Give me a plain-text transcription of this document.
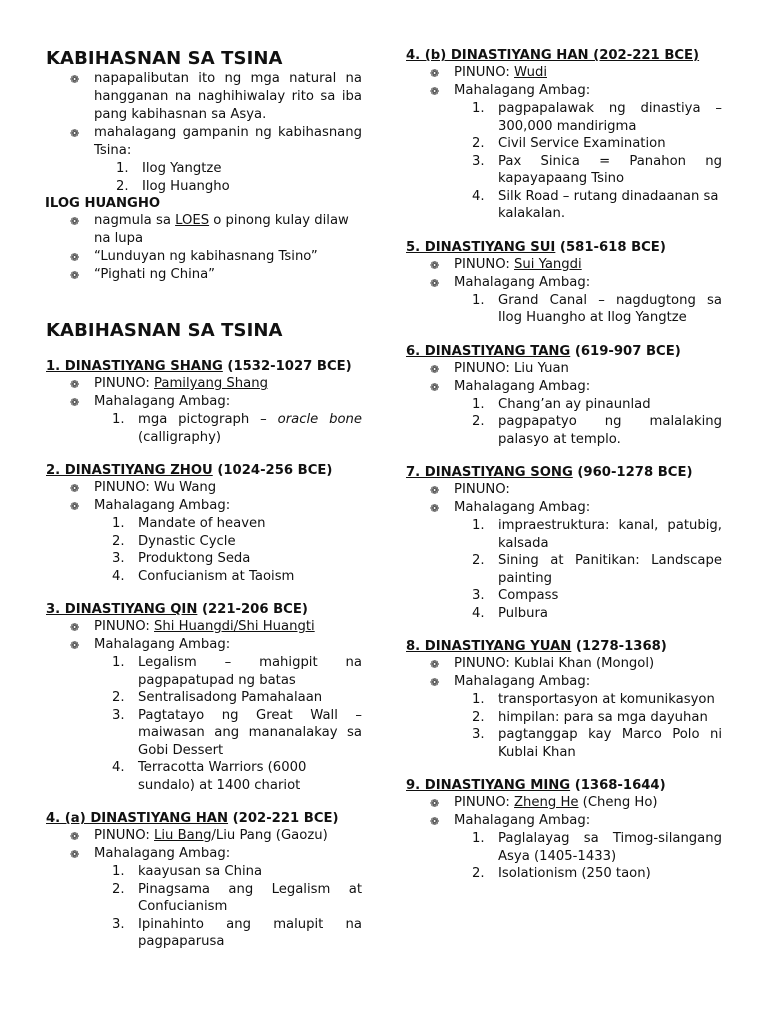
KABIHASNAN SA TSINA

❁	napapalibutan ito ng mga natural na hangganan na naghihiwalay rito sa iba pang kabihasnan sa Asya.
❁	mahalagang gampanin ng kabihasnang Tsina:
1. Ilog Yangtze
2. Ilog Huangho

ILOG HUANGHO

❁	nagmula sa LOES o pinong kulay dilaw na lupa
❁	“Lunduyan ng kabihasnang Tsino”
❁	“Pighati ng China”

KABIHASNAN SA TSINA

1. DINASTIYANG SHANG (1532-1027 BCE)

❁	PINUNO: Pamilyang Shang
❁	Mahalagang Ambag:
1. mga pictograph – oracle bone (calligraphy)

2. DINASTIYANG ZHOU (1024-256 BCE)

❁	PINUNO: Wu Wang
❁	Mahalagang Ambag:
1. Mandate of heaven
2. Dynastic Cycle
3. Produktong Seda
4. Confucianism at Taoism

3. DINASTIYANG QIN (221-206 BCE)

❁	PINUNO: Shi Huangdi/Shi Huangti
❁	Mahalagang Ambag:
1. Legalism – mahigpit na pagpapatupad ng batas
2. Sentralisadong Pamahalaan
3. Pagtatayo ng Great Wall – maiwasan ang mananalakay sa Gobi Dessert
4. Terracotta Warriors (6000 sundalo) at 1400 chariot

4. (a) DINASTIYANG HAN (202-221 BCE)

❁	PINUNO: Liu Bang/Liu Pang (Gaozu)
❁	Mahalagang Ambag:
1. kaayusan sa China
2. Pinagsama ang Legalism at Confucianism
3. Ipinahinto ang malupit na pagpaparusa

4. (b) DINASTIYANG HAN (202-221 BCE)

❁	PINUNO: Wudi
❁	Mahalagang Ambag:
1. pagpapalawak ng dinastiya – 300,000 mandirigma
2. Civil Service Examination
3. Pax Sinica = Panahon ng kapayapaang Tsino
4. Silk Road – rutang dinadaanan sa kalakalan.

5. DINASTIYANG SUI (581-618 BCE)

❁	PINUNO: Sui Yangdi
❁	Mahalagang Ambag:
1. Grand Canal – nagdugtong sa Ilog Huangho at Ilog Yangtze

6. DINASTIYANG TANG (619-907 BCE)

❁	PINUNO: Liu Yuan
❁	Mahalagang Ambag:
1. Chang’an ay pinaunlad
2. pagpapatyo ng malalaking palasyo at templo.

7. DINASTIYANG SONG (960-1278 BCE)

❁	PINUNO:
❁	Mahalagang Ambag:
1. impraestruktura: kanal, patubig, kalsada
2. Sining at Panitikan: Landscape painting
3. Compass
4. Pulbura

8. DINASTIYANG YUAN (1278-1368)

❁	PINUNO: Kublai Khan (Mongol)
❁	Mahalagang Ambag:
1. transportasyon at komunikasyon
2. himpilan: para sa mga dayuhan
3. pagtanggap kay Marco Polo ni Kublai Khan

9. DINASTIYANG MING (1368-1644)

❁	PINUNO: Zheng He (Cheng Ho)
❁	Mahalagang Ambag:
1. Paglalayag sa Timog-silangang Asya (1405-1433)
2. Isolationism (250 taon)
